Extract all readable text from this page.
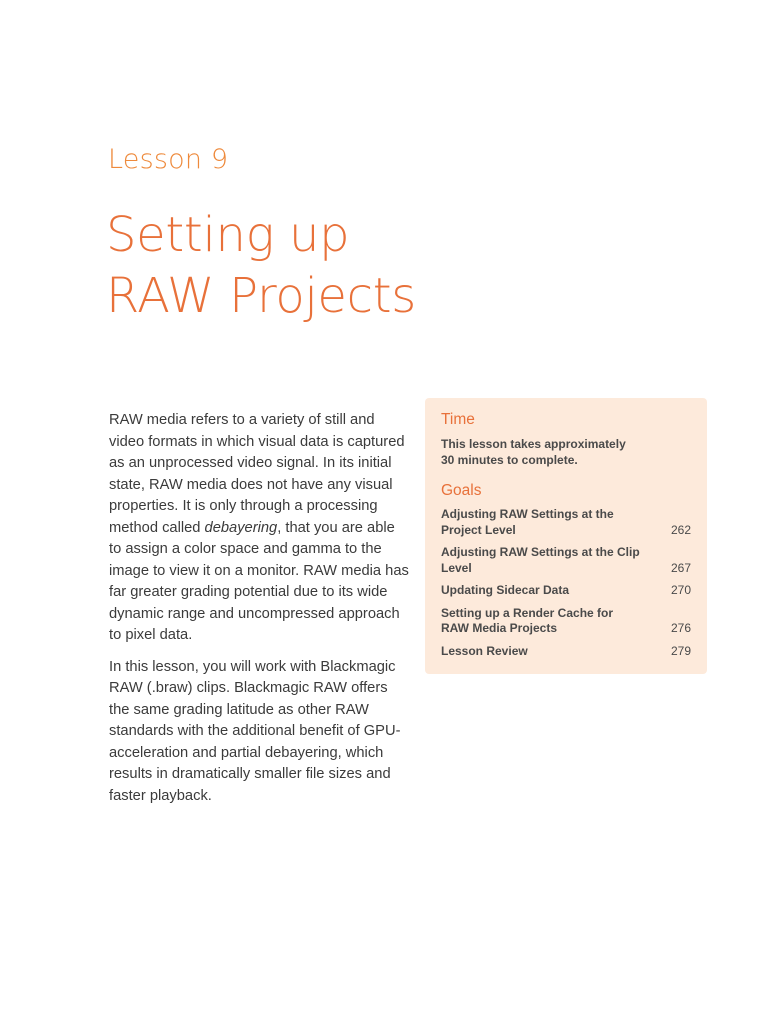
Lesson 9
Setting up
RAW Projects

RAW media refers to a variety of still and video formats in which visual data is captured as an unprocessed video signal. In its initial state, RAW media does not have any visual properties. It is only through a processing method called debayering, that you are able to assign a color space and gamma to the image to view it on a monitor. RAW media has far greater grading potential due to its wide dynamic range and uncompressed approach to pixel data.

In this lesson, you will work with Blackmagic RAW (.braw) clips. Blackmagic RAW offers the same grading latitude as other RAW standards with the additional benefit of GPU-acceleration and partial debayering, which results in dramatically smaller file sizes and faster playback.

Time

This lesson takes approximately 30 minutes to complete.

Goals
Adjusting RAW Settings at the Project Level	262
Adjusting RAW Settings at the Clip Level	267
Updating Sidecar Data	270
Setting up a Render Cache for RAW Media Projects	276
Lesson Review	279
